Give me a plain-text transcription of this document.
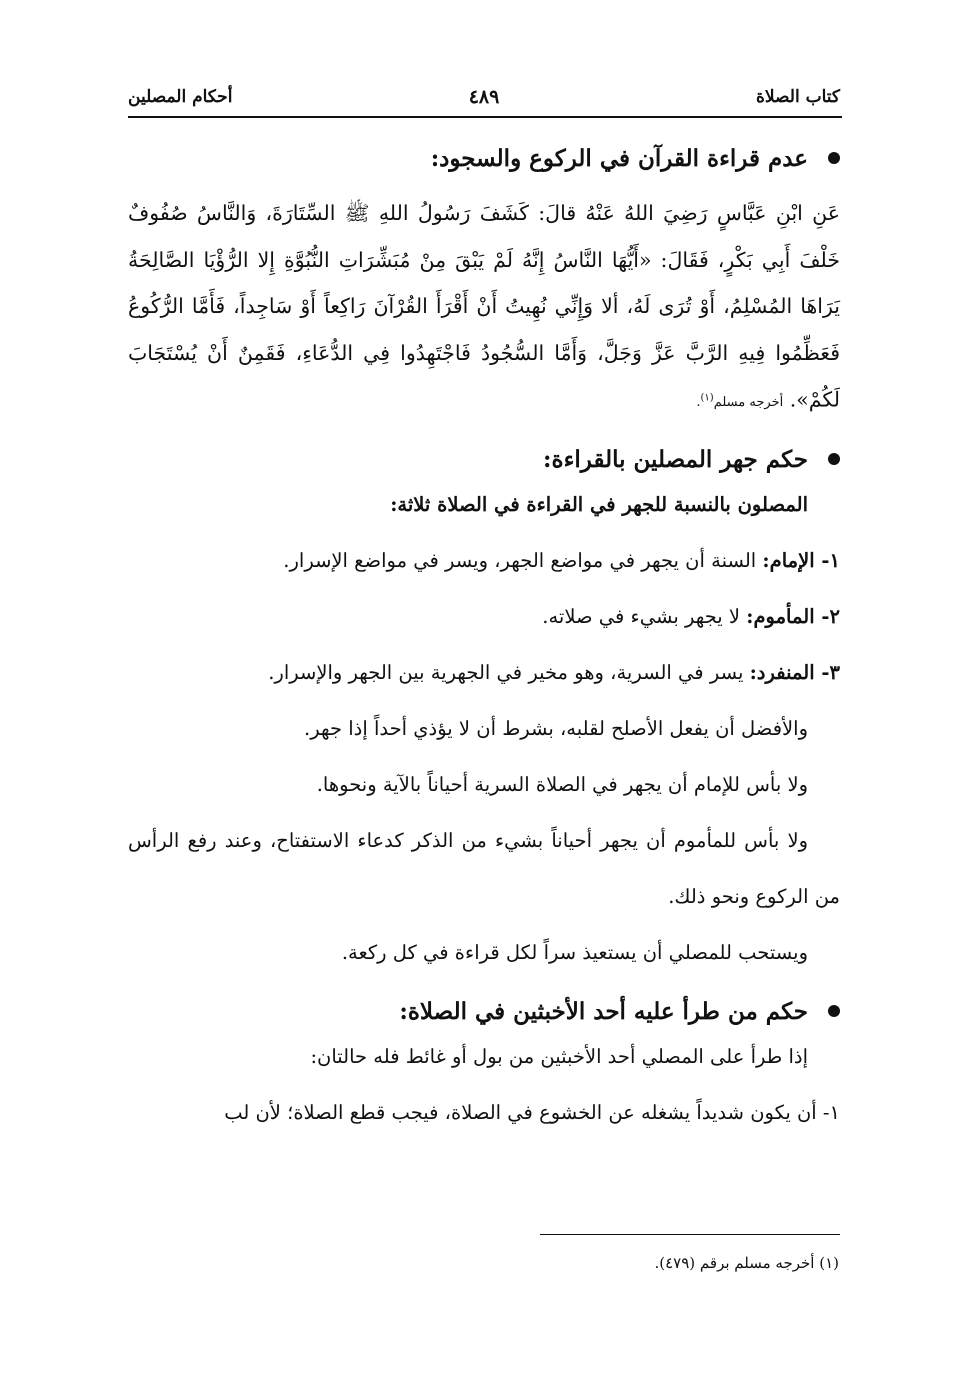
كتاب الصلاة
٤٨٩
أحكام المصلين
عدم قراءة القرآن في الركوع والسجود:

عَنِ ابْنِ عَبَّاسٍ رَضِيَ اللهُ عَنْهُ قالَ: كَشَفَ رَسُولُ اللهِ ﷺ السِّتَارَةَ، وَالنَّاسُ صُفُوفٌ خَلْفَ أَبِي بَكْرٍ، فَقَالَ: «أَيُّهَا النَّاسُ إِنَّهُ لَمْ يَبْقَ مِنْ مُبَشِّرَاتِ النُّبُوَّةِ إِلا الرُّؤْيَا الصَّالِحَةُ يَرَاهَا المُسْلِمُ، أَوْ تُرَى لَهُ، ألا وَإِنِّي نُهِيتُ أَنْ أَقْرَأَ القُرْآنَ رَاكِعاً أَوْ سَاجِداً، فَأَمَّا الرُّكُوعُ فَعَظِّمُوا فِيهِ الرَّبَّ عَزَّ وَجَلَّ، وَأَمَّا السُّجُودُ فَاجْتَهِدُوا فِي الدُّعَاءِ، فَقَمِنٌ أَنْ يُسْتَجَابَ لَكُمْ». أخرجه مسلم$^{(١)}$.

حكم جهر المصلين بالقراءة:

المصلون بالنسبة للجهر في القراءة في الصلاة ثلاثة:

١- الإمام: السنة أن يجهر في مواضع الجهر، ويسر في مواضع الإسرار.

٢- المأموم: لا يجهر بشيء في صلاته.

٣- المنفرد: يسر في السرية، وهو مخير في الجهرية بين الجهر والإسرار.

والأفضل أن يفعل الأصلح لقلبه، بشرط أن لا يؤذي أحداً إذا جهر.

ولا بأس للإمام أن يجهر في الصلاة السرية أحياناً بالآية ونحوها.

ولا بأس للمأموم أن يجهر أحياناً بشيء من الذكر كدعاء الاستفتاح، وعند رفع الرأس من الركوع ونحو ذلك.

ويستحب للمصلي أن يستعيذ سراً لكل قراءة في كل ركعة.

حكم من طرأ عليه أحد الأخبثين في الصلاة:

إذا طرأ على المصلي أحد الأخبثين من بول أو غائط فله حالتان:

١- أن يكون شديداً يشغله عن الخشوع في الصلاة، فيجب قطع الصلاة؛ لأن لب

(١) أخرجه مسلم برقم (٤٧٩).
